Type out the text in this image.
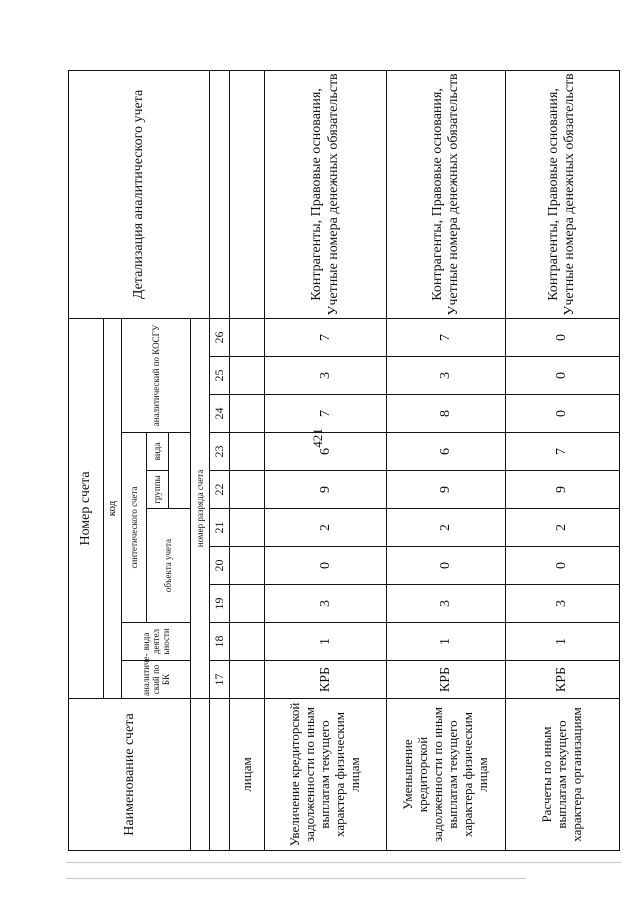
421
Наименование счета	Номер счета										Детализация аналитического учета
	код										
	аналитический по БК	вида деятел ьности	синтетического счета					аналитический по КОСГУ			
			объекта учета			группы	вида				

	номер разряда счета										
	17	18	19	20	21	22	23	24	25	26	
лицам											
Увеличение кредиторской задолженности по иным выплатам текущего характера физическим лицам	КРБ	1	3	0	2	9	6	7	3	7	Контрагенты, Правовые основания, Учетные номера денежных обязательств
Уменьшение кредиторской задолженности по иным выплатам текущего характера физическим лицам	КРБ	1	3	0	2	9	6	8	3	7	Контрагенты, Правовые основания, Учетные номера денежных обязательств
Расчеты по иным выплатам текущего характера организациям	КРБ	1	3	0	2	9	7	0	0	0	Контрагенты, Правовые основания, Учетные номера денежных обязательств
